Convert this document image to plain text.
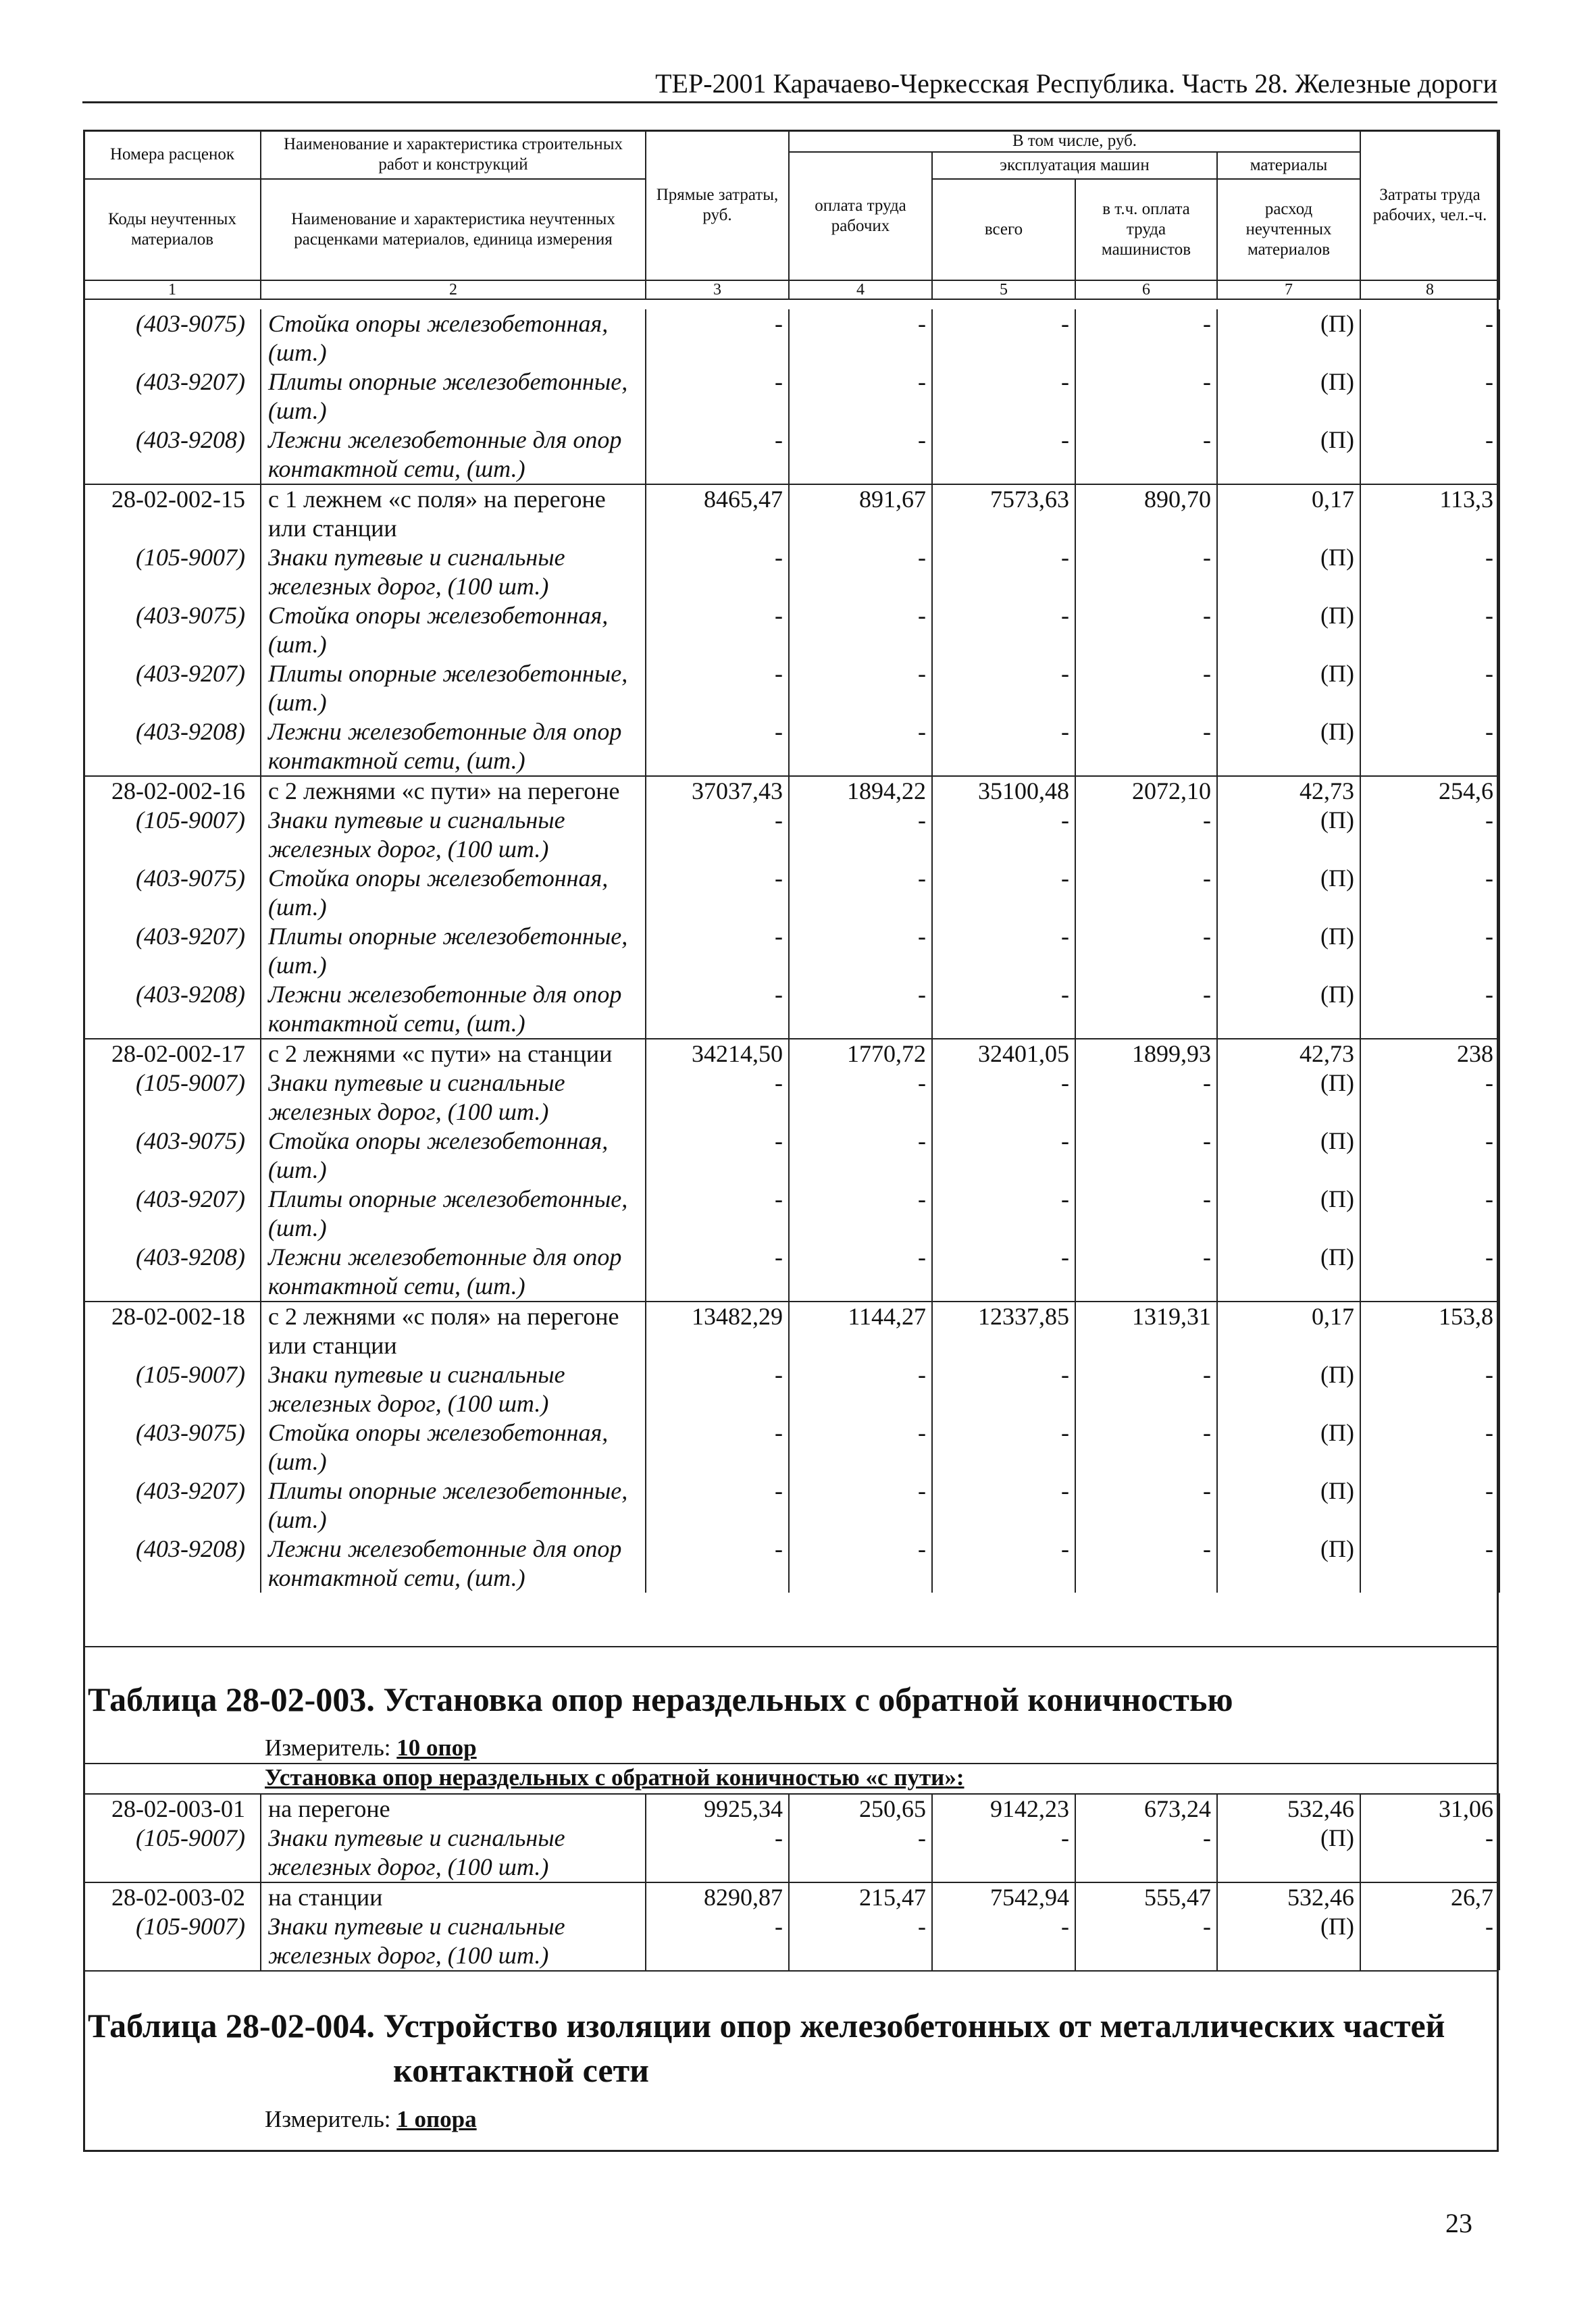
ТЕР-2001 Карачаево-Черкесская Республика. Часть 28. Железные дороги
Номера расценок	Наименование и характеристика строительных работ и конструкций	Прямые затраты, руб.	В том числе, руб.				Затраты труда рабочих, чел.-ч.
			оплата труда рабочих	эксплуатация машин		материалы	
Коды неучтенных материалов	Наименование и характеристика неучтенных расценками материалов, единица измерения			всего	в т.ч. оплата труда машинистов	расход неучтенных материалов	

1	2	3	4	5	6	7	8
(403-9075)	Стойка опоры железобетонная, (шт.)	-	-	-	-	(П)	-
(403-9207)	Плиты опорные железобетонные, (шт.)	-	-	-	-	(П)	-
(403-9208)	Лежни железобетонные для опор контактной сети, (шт.)	-	-	-	-	(П)	-
28-02-002-15	с 1 лежнем «с поля» на перегоне или станции	8465,47	891,67	7573,63	890,70	0,17	113,3
(105-9007)	Знаки путевые и сигнальные железных дорог, (100 шт.)	-	-	-	-	(П)	-
(403-9075)	Стойка опоры железобетонная, (шт.)	-	-	-	-	(П)	-
(403-9207)	Плиты опорные железобетонные, (шт.)	-	-	-	-	(П)	-
(403-9208)	Лежни железобетонные для опор контактной сети, (шт.)	-	-	-	-	(П)	-
28-02-002-16	с 2 лежнями «с пути» на перегоне	37037,43	1894,22	35100,48	2072,10	42,73	254,6
(105-9007)	Знаки путевые и сигнальные железных дорог, (100 шт.)	-	-	-	-	(П)	-
(403-9075)	Стойка опоры железобетонная, (шт.)	-	-	-	-	(П)	-
(403-9207)	Плиты опорные железобетонные, (шт.)	-	-	-	-	(П)	-
(403-9208)	Лежни железобетонные для опор контактной сети, (шт.)	-	-	-	-	(П)	-
28-02-002-17	с 2 лежнями «с пути» на станции	34214,50	1770,72	32401,05	1899,93	42,73	238
(105-9007)	Знаки путевые и сигнальные железных дорог, (100 шт.)	-	-	-	-	(П)	-
(403-9075)	Стойка опоры железобетонная, (шт.)	-	-	-	-	(П)	-
(403-9207)	Плиты опорные железобетонные, (шт.)	-	-	-	-	(П)	-
(403-9208)	Лежни железобетонные для опор контактной сети, (шт.)	-	-	-	-	(П)	-
28-02-002-18	с 2 лежнями «с поля» на перегоне или станции	13482,29	1144,27	12337,85	1319,31	0,17	153,8
(105-9007)	Знаки путевые и сигнальные железных дорог, (100 шт.)	-	-	-	-	(П)	-
(403-9075)	Стойка опоры железобетонная, (шт.)	-	-	-	-	(П)	-
(403-9207)	Плиты опорные железобетонные, (шт.)	-	-	-	-	(П)	-
(403-9208)	Лежни железобетонные для опор контактной сети, (шт.)	-	-	-	-	(П)	-
Таблица 28-02-003. Установка опор нераздельных с обратной коничностью
Измеритель: 10 опор
Установка опор нераздельных с обратной коничностью «с пути»:
28-02-003-01	на перегоне	9925,34	250,65	9142,23	673,24	532,46	31,06
(105-9007)	Знаки путевые и сигнальные железных дорог, (100 шт.)	-	-	-	-	(П)	-
28-02-003-02	на станции	8290,87	215,47	7542,94	555,47	532,46	26,7
(105-9007)	Знаки путевые и сигнальные железных дорог, (100 шт.)	-	-	-	-	(П)	-
Таблица 28-02-004. Устройство изоляции опор железобетонных от металлических частей
контактной сети
Измеритель: 1 опора
23
